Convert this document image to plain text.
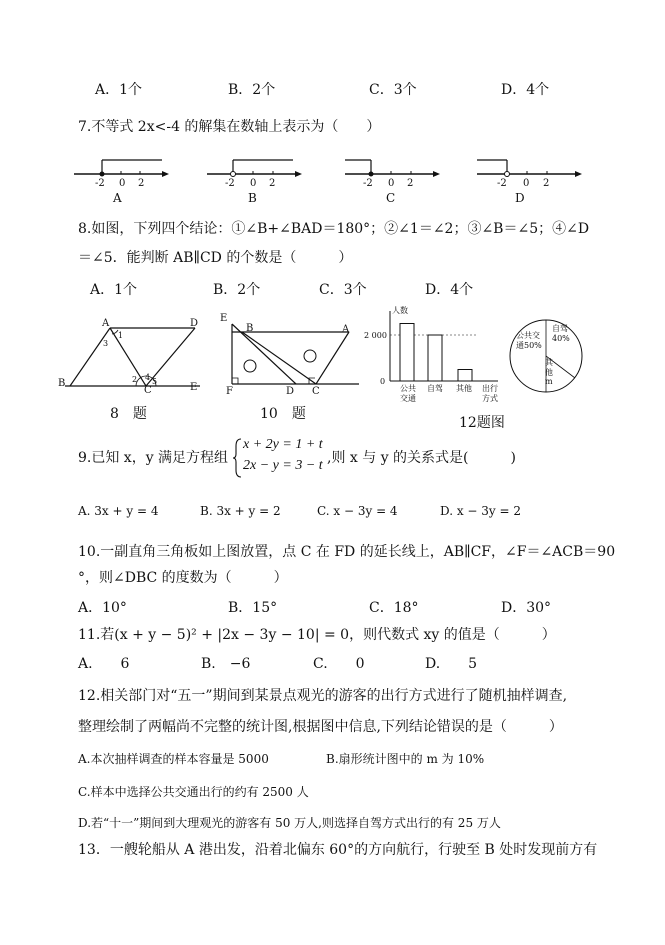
A．1个	B．2个	C．3个	D．4个
7.不等式 2x<-4 的解集在数轴上表示为（　　）
-2 0 2
A
-2 0 2
B
-2 0 2
C
-2 0 2
D
8.如图，下列四个结论：①∠B+∠BAD＝180°；②∠1＝∠2；③∠B＝∠5；④∠D
＝∠5．能判断 AB∥CD 的个数是（　　　）
A．1个	B．2个	C．3个	D．4个
A	D
B
C	E
1
2
3
4 5
8　题
E
B	A
F	D C
10　题
人数
2 000
0
公共
交通
自驾 其他 出行
方式
公共交通50%
自驾40%
其他m
12题图
9.已知 x，y 满足方程组
x + 2y = 1 + t
2x − y = 3 − t ,则 x 与 y 的关系式是(　　　)
A. 3x + y = 4	B. 3x + y = 2	C. x − 3y = 4	D. x − 3y = 2
10.一副直角三角板如上图放置，点 C 在 FD 的延长线上，AB∥CF，∠F＝∠ACB＝90
°，则∠DBC 的度数为（　　　）
A．10°	B．15°	C．18°	D．30°
11.若(x + y − 5)² + |2x − 3y − 10| = 0，则代数式 xy 的值是（　　　）
A.　　6	B.　−6	C.　　0	D.　　5
12.相关部门对“五一”期间到某景点观光的游客的出行方式进行了随机抽样调查,
整理绘制了两幅尚不完整的统计图,根据图中信息,下列结论错误的是（　　　）
A.本次抽样调查的样本容量是 5000	B.扇形统计图中的 m 为 10%
C.样本中选择公共交通出行的约有 2500 人
D.若“十一”期间到大理观光的游客有 50 万人,则选择自驾方式出行的有 25 万人
13．一艘轮船从 A 港出发，沿着北偏东 60°的方向航行，行驶至 B 处时发现前方有
